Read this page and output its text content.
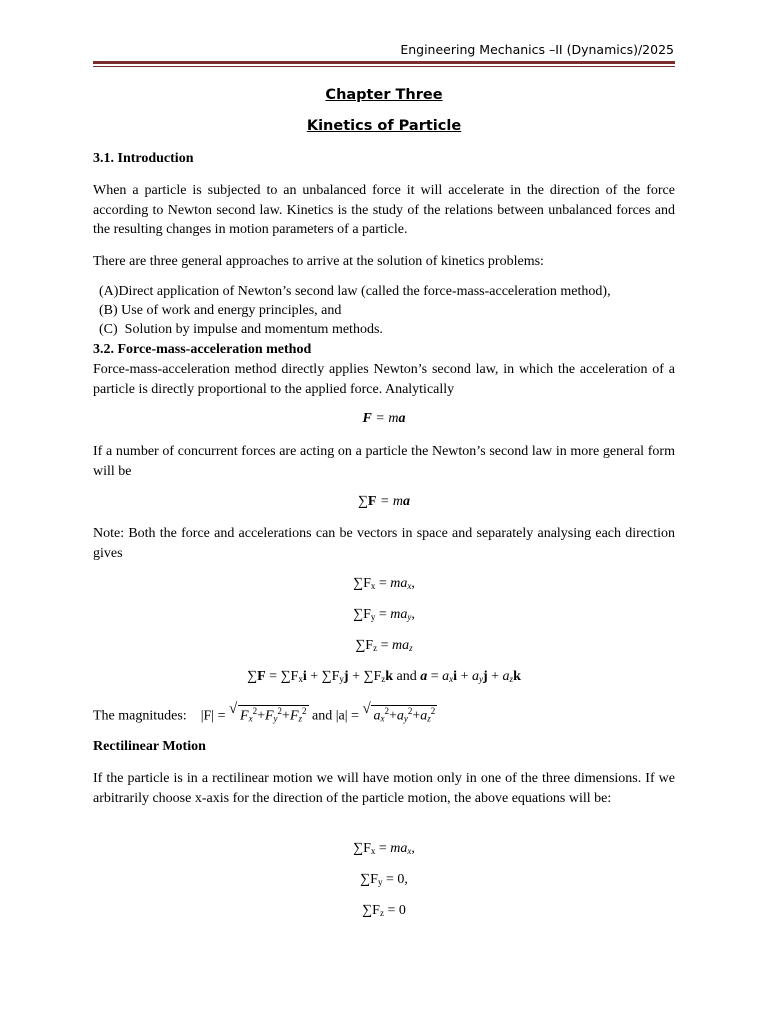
Engineering Mechanics –II (Dynamics)/2025
Chapter Three
Kinetics of Particle
3.1. Introduction
When a particle is subjected to an unbalanced force it will accelerate in the direction of the force according to Newton second law. Kinetics is the study of the relations between unbalanced forces and the resulting changes in motion parameters of a particle.
There are three general approaches to arrive at the solution of kinetics problems:
(A)Direct application of Newton’s second law (called the force-mass-acceleration method),
(B) Use of work and energy principles, and
(C) Solution by impulse and momentum methods.
3.2. Force-mass-acceleration method
Force-mass-acceleration method directly applies Newton’s second law, in which the acceleration of a particle is directly proportional to the applied force. Analytically
F = ma
If a number of concurrent forces are acting on a particle the Newton’s second law in more general form will be
∑F = ma
Note: Both the force and accelerations can be vectors in space and separately analysing each direction gives
$\sum F_x = ma_x$,
$\sum F_y = ma_y$,
$\sum F_z = ma_z$
$\sum F = \sum F_xi + \sum F_yj + \sum F_zk$ and $a = a_xi + a_yj + a_zk$
The magnitudes: |F| = √ $F_x^2+F_y^2+F_z^2$ and |a| = √ $a_x^2+a_y^2+a_z^2$
Rectilinear Motion
If the particle is in a rectilinear motion we will have motion only in one of the three dimensions. If we arbitrarily choose x-axis for the direction of the particle motion, the above equations will be:
$\sum F_x = ma_x$,
$\sum F_y = 0$,
$\sum F_z = 0$
